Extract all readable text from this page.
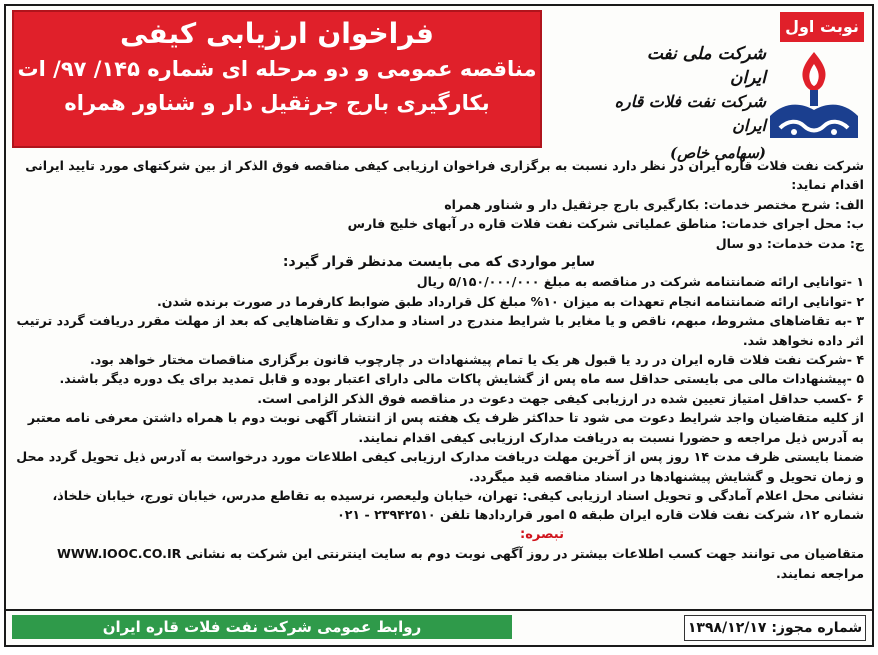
فراخوان ارزیابی کیفی
مناقصه عمومی و دو مرحله ای شماره ۱۴۵/ ۹۷/ ات
بکارگیری بارج جرثقیل دار و شناور همراه
نوبت اول
شرکت ملی نفت ایران
شرکت نفت فلات قاره ایران
(سهامی خاص)

شرکت نفت فلات قاره ایران در نظر دارد نسبت به برگزاری فراخوان ارزیابی کیفی مناقصه فوق الذکر از بین شرکتهای مورد تایید ایرانی اقدام نماید:

الف: شرح مختصر خدمات: بکارگیری بارج جرثقیل دار و شناور همراه

ب: محل اجرای خدمات: مناطق عملیاتی شرکت نفت فلات قاره در آبهای خلیج فارس

ج: مدت خدمات: دو سال

سایر مواردی که می بایست مدنظر قرار گیرد:

۱ -توانایی ارائه ضمانتنامه شرکت در مناقصه به مبلغ ۵/۱۵۰/۰۰۰/۰۰۰ ریال

۲ -توانایی ارائه ضمانتنامه انجام تعهدات به میزان ۱۰% مبلغ کل قرارداد طبق ضوابط کارفرما در صورت برنده شدن.

۳ -به تقاضاهای مشروط، مبهم، ناقص و یا مغایر با شرایط مندرج در اسناد و مدارک و تقاضاهایی که بعد از مهلت مقرر دریافت گردد ترتیب اثر داده نخواهد شد.

۴ -شرکت نفت فلات قاره ایران در رد یا قبول هر یک یا تمام پیشنهادات در چارچوب قانون برگزاری مناقصات مختار خواهد بود.

۵ -پیشنهادات مالی می بایستی حداقل سه ماه پس از گشایش پاکات مالی دارای اعتبار بوده و قابل تمدید برای یک دوره دیگر باشند.

۶ -کسب حداقل امتیاز تعیین شده در ارزیابی کیفی جهت دعوت در مناقصه فوق الذکر الزامی است.

از کلیه متقاضیان واجد شرایط دعوت می شود تا حداکثر ظرف یک هفته پس از انتشار آگهی نوبت دوم با همراه داشتن معرفی نامه معتبر به آدرس ذیل مراجعه و حضورا نسبت به دریافت مدارک ارزیابی کیفی اقدام نمایند.

ضمنا بایستی ظرف مدت ۱۴ روز پس از آخرین مهلت دریافت مدارک ارزیابی کیفی اطلاعات مورد درخواست به آدرس ذیل تحویل گردد محل و زمان تحویل و گشایش پیشنهادها در اسناد مناقصه قید میگردد.

نشانی محل اعلام آمادگی و تحویل اسناد ارزیابی کیفی: تهران، خیابان ولیعصر، نرسیده به تقاطع مدرس، خیابان تورج، خیابان خلخاذ، شماره ۱۲، شرکت نفت فلات قاره ایران طبقه ۵ امور قراردادها تلفن ۲۳۹۴۲۵۱۰ - ۰۲۱

تبصره:

متقاضیان می توانند جهت کسب اطلاعات بیشتر در روز آگهی نوبت دوم به سایت اینترنتی این شرکت به نشانی WWW.IOOC.CO.IR مراجعه نمایند.

شماره مجوز: ۱۳۹۸/۱۲/۱۷
روابط عمومی شرکت نفت فلات قاره ایران
